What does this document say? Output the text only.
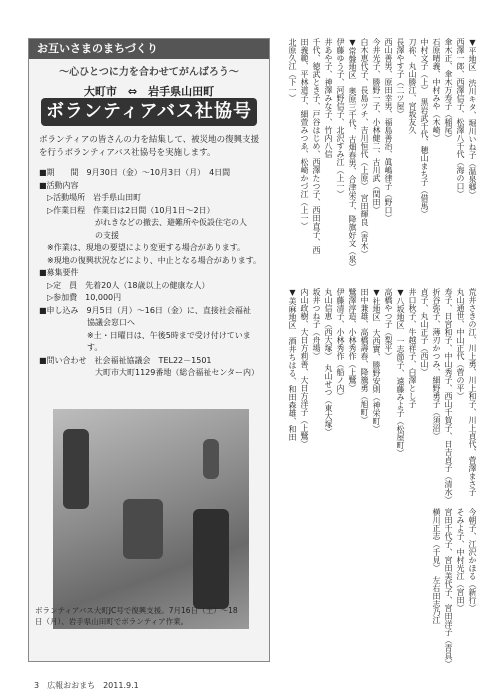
お互いさまのまちづくり
～心ひとつに力を合わせてがんばろう～
大町市　⇔　岩手県山田町
ボランティアバス社協号
ボランティアの皆さんの力を結集して、被災地の復興支援を行うボランティアバス社協号を実施します。
■期　　間　9月30日（金）～10月3日（月）　4日間
■活動内容
　▷活動場所　岩手県山田町
　▷作業日程　作業日は2日間（10月1日～2日）
　　　　　　　がれきなどの撤去、避難所や仮設住宅の人
　　　　　　　の支援
　※作業は、現地の要望により変更する場合があります。
　※現地の復興状況などにより、中止となる場合があります。
■募集要件
　▷定　員　先着20人（18歳以上の健康な人）
　▷参加費　10,000円
■申し込み　9月5日（月）～16日（金）に、直接社会福祉
　　　　　　協議会窓口へ
　　　　　　※土・日曜日は、午後5時まで受け付けていま
　　　　　　す。
■問い合わせ　社会福祉協議会　TEL22－1501
　　　　　　　大町市大町1129番地（総合福祉センター内）
ボランティアバス大町JC号で復興支援。7月16日（土）～18日（月）、岩手県山田町でボランティア作業。
▼平地区　渋川キタ、堀川いね子（温泉郷）
西澤一郎、西澤信子、松澤八千代（海の口）
傘木正、傘木万寿子（稲尾）
石原晴義、中村みや（木崎）
中村文子（上）　黒岩武千代、穂山まち子（借馬）
刀祢、丸山勝江、宮坂友久
長澤やす子（二ツ屋）
西山善男、原田幸男、福島善治、眞嶋律子（野口）
今井光子、勝野一子、小林健二、古川武（閏田）
白木恵代子、長島ツチ、吉川恒代（上原）　宮田輝良（青木）
▼常盤地区　奥原三千代、古畑春男、合津栄子、降旗好文（泉）
伊藤ゆう子、河野信子、北沢すみ江（上一）
井あや子、神澤みな子、竹内八信
千代、徳武とき子、戸谷はじめ、西澤たつ子、西田直子、西
田義範、平林道子、細萱みつゑ、松崎かづ江（上一）
北原久江（下一）
荒井さきの江、川上勇、川上和子、川上貞代、菅澤まさ子
丸山通世、中山正代（菅の平）
寿子、日宮和子、中山秀子、西山千賀子、日吉貞子（清水）
折谷弥子、薄刃かつみ、細野勇子（須沼）
貞子、丸山正子（西山）
井口秋子、牛越祥子、白澤とし子
▼八坂地区　一志節子、遠藤みよ子（松屋町）
高橋やつ子（梨平）
▼社地区　大西實、勝野安則（神栄町）
田中兼雄、高橋壽春、降籏勇（旭町）
鷺澤淳造、小林秀作（上鷺）
伊藤清子、小林秀作（船ノ内）
丸山信恵（西大塚）　丸山せつ（東大塚）
坂井つね子（舟場）
内山政樹、大日方莉善、大日方洋子（上鷺）
▼美麻地区　酒井ちはる、和田森雄、和田
今朝子、江沢かほる（新行）
そみよ子、中村光江（宮田）
宮田千代子、宮田美代子、宮田洋子（青具）
横川正志（千見）　左右田志乃江
3　広報おおまち　2011.9.1
